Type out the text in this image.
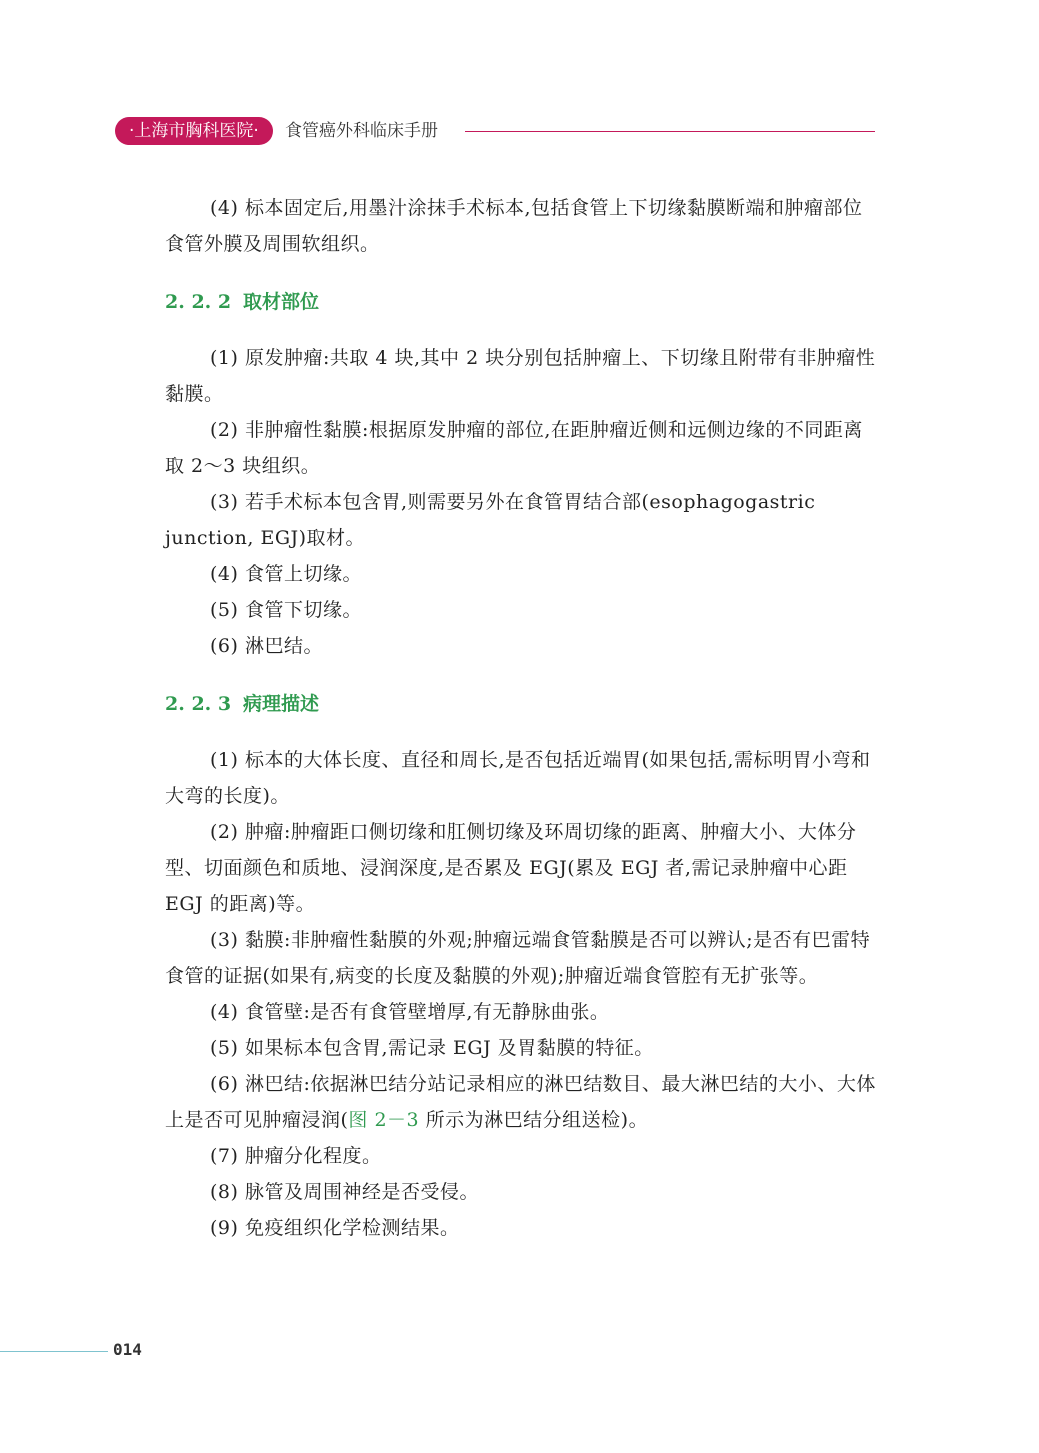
·上海市胸科医院·	食管癌外科临床手册

(4) 标本固定后,用墨汁涂抹手术标本,包括食管上下切缘黏膜断端和肿瘤部位食管外膜及周围软组织。

2. 2. 2 取材部位

(1) 原发肿瘤:共取 4 块,其中 2 块分别包括肿瘤上、下切缘且附带有非肿瘤性黏膜。

(2) 非肿瘤性黏膜:根据原发肿瘤的部位,在距肿瘤近侧和远侧边缘的不同距离取 2～3 块组织。

(3) 若手术标本包含胃,则需要另外在食管胃结合部(esophagogastric junction, EGJ)取材。

(4) 食管上切缘。

(5) 食管下切缘。

(6) 淋巴结。

2. 2. 3 病理描述

(1) 标本的大体长度、直径和周长,是否包括近端胃(如果包括,需标明胃小弯和大弯的长度)。

(2) 肿瘤:肿瘤距口侧切缘和肛侧切缘及环周切缘的距离、肿瘤大小、大体分型、切面颜色和质地、浸润深度,是否累及 EGJ(累及 EGJ 者,需记录肿瘤中心距 EGJ 的距离)等。

(3) 黏膜:非肿瘤性黏膜的外观;肿瘤远端食管黏膜是否可以辨认;是否有巴雷特食管的证据(如果有,病变的长度及黏膜的外观);肿瘤近端食管腔有无扩张等。

(4) 食管壁:是否有食管壁增厚,有无静脉曲张。

(5) 如果标本包含胃,需记录 EGJ 及胃黏膜的特征。

(6) 淋巴结:依据淋巴结分站记录相应的淋巴结数目、最大淋巴结的大小、大体上是否可见肿瘤浸润(图 2－3 所示为淋巴结分组送检)。

(7) 肿瘤分化程度。

(8) 脉管及周围神经是否受侵。

(9) 免疫组织化学检测结果。

014
